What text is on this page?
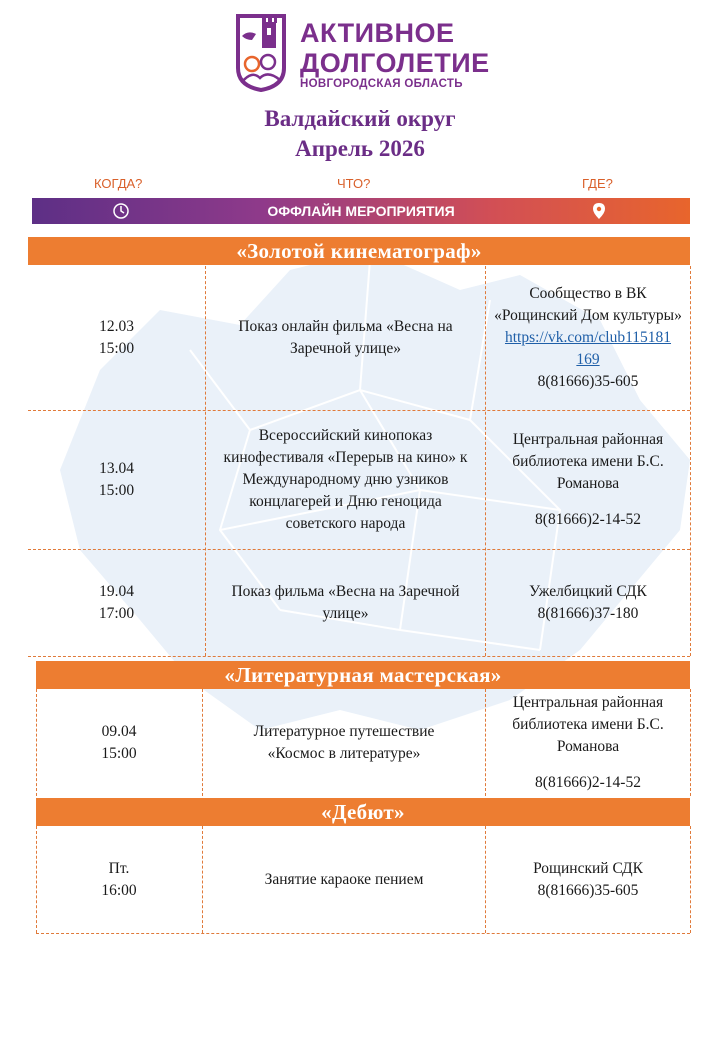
АКТИВНОЕ
ДОЛГОЛЕТИЕ
НОВГОРОДСКАЯ ОБЛАСТЬ
Валдайский округ
Апрель 2026
КОГДА?	ЧТО?	ГДЕ?
ОФФЛАЙН МЕРОПРИЯТИЯ
«Золотой кинематограф»
12.03
15:00
Показ онлайн фильма «Весна на Заречной улице»
Сообщество в ВК «Рощинский Дом культуры»
https://vk.com/club115181
169
8(81666)35-605
13.04
15:00
Всероссийский кинопоказ кинофестиваля «Перерыв на кино» к Международному дню узников концлагерей и Дню геноцида советского народа
Центральная районная библиотека имени Б.С. Романова
8(81666)2-14-52
19.04
17:00
Показ фильма «Весна на Заречной улице»
Ужелбицкий СДК
8(81666)37-180
«Литературная мастерская»
09.04
15:00
Литературное путешествие «Космос в литературе»
Центральная районная библиотека имени Б.С. Романова
8(81666)2-14-52
«Дебют»
Пт.
16:00
Занятие караоке пением
Рощинский СДК
8(81666)35-605
